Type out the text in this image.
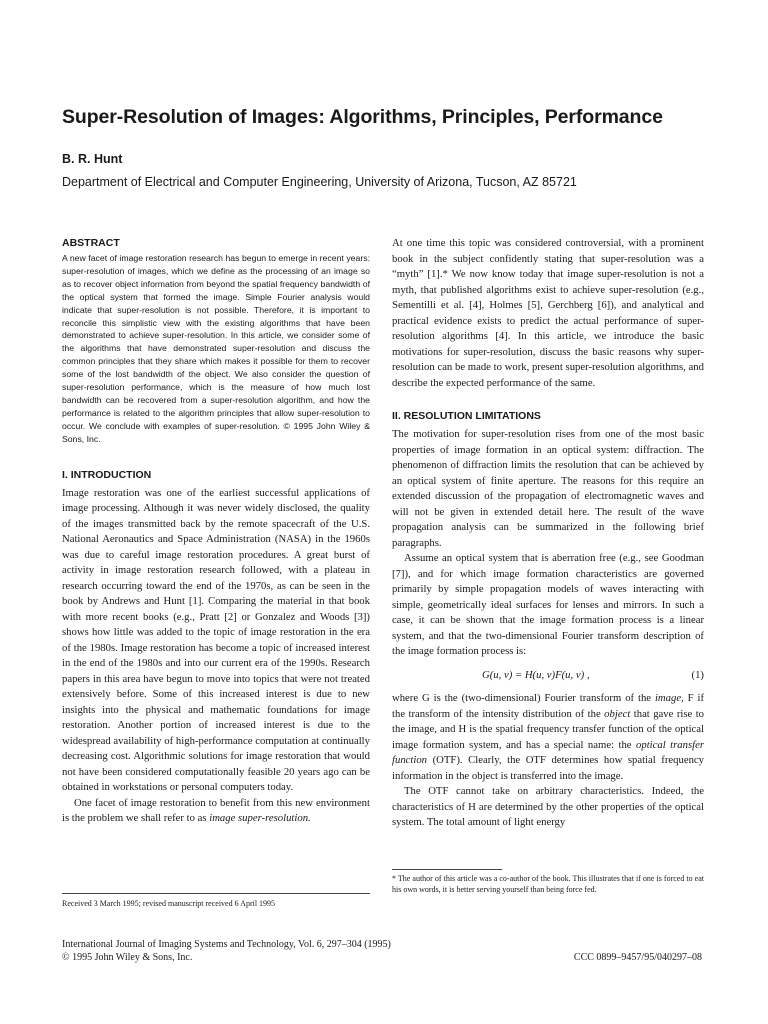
Super-Resolution of Images: Algorithms, Principles, Performance
B. R. Hunt
Department of Electrical and Computer Engineering, University of Arizona, Tucson, AZ 85721
ABSTRACT

A new facet of image restoration research has begun to emerge in recent years: super-resolution of images, which we define as the processing of an image so as to recover object information from beyond the spatial frequency bandwidth of the optical system that formed the image. Simple Fourier analysis would indicate that super-resolution is not possible. Therefore, it is important to reconcile this simplistic view with the existing algorithms that have been demonstrated to achieve super-resolution. In this article, we consider some of the algorithms that have demonstrated super-resolution and discuss the common principles that they share which makes it possible for them to recover some of the lost bandwidth of the object. We also consider the question of super-resolution performance, which is the measure of how much lost bandwidth can be recovered from a super-resolution algorithm, and how the performance is related to the algorithm principles that allow super-resolution to occur. We conclude with examples of super-resolution. © 1995 John Wiley & Sons, Inc.

I. INTRODUCTION

Image restoration was one of the earliest successful applications of image processing. Although it was never widely disclosed, the quality of the images transmitted back by the remote spacecraft of the U.S. National Aeronautics and Space Administration (NASA) in the 1960s was due to careful image restoration procedures. A great burst of activity in image restoration research followed, with a plateau in research occurring toward the end of the 1970s, as can be seen in the book by Andrews and Hunt [1]. Comparing the material in that book with more recent books (e.g., Pratt [2] or Gonzalez and Woods [3]) shows how little was added to the topic of image restoration in the era of the 1980s. Image restoration has become a topic of increased interest in the end of the 1980s and into our current era of the 1990s. Research papers in this area have begun to move into topics that were not treated extensively before. Some of this increased interest is due to new insights into the physical and mathematic foundations for image restoration. Another portion of increased interest is due to the widespread availability of high-performance computation at continually decreasing cost. Algorithmic solutions for image restoration that would not have been considered computationally feasible 20 years ago can be obtained in workstations or personal computers today.

One facet of image restoration to benefit from this new environment is the problem we shall refer to as image super-resolution.

Received 3 March 1995; revised manuscript received 6 April 1995

At one time this topic was considered controversial, with a prominent book in the subject confidently stating that super-resolution was a “myth” [1].* We now know today that image super-resolution is not a myth, that published algorithms exist to achieve super-resolution (e.g., Sementilli et al. [4], Holmes [5], Gerchberg [6]), and analytical and practical evidence exists to predict the actual performance of super-resolution algorithms [4]. In this article, we introduce the basic motivations for super-resolution, discuss the basic reasons why super-resolution can be made to work, present super-resolution algorithms, and describe the expected performance of the same.

II. RESOLUTION LIMITATIONS

The motivation for super-resolution rises from one of the most basic properties of image formation in an optical system: diffraction. The phenomenon of diffraction limits the resolution that can be achieved by an optical system of finite aperture. The reasons for this require an extended discussion of the propagation of electromagnetic waves and will not be given in extended detail here. The result of the wave propagation analysis can be summarized in the following brief paragraphs.

Assume an optical system that is aberration free (e.g., see Goodman [7]), and for which image formation characteristics are governed primarily by simple propagation models of waves interacting with simple, geometrically ideal surfaces for lenses and mirrors. In such a case, it can be shown that the image formation process is a linear system, and that the two-dimensional Fourier transform description of the image formation process is:

G(u, v) = H(u, v)F(u, v) ,	(1)

where G is the (two-dimensional) Fourier transform of the image, F if the transform of the intensity distribution of the object that gave rise to the image, and H is the spatial frequency transfer function of the optical image formation system, and has a special name: the optical transfer function (OTF). Clearly, the OTF determines how spatial frequency information in the object is transferred into the image.

The OTF cannot take on arbitrary characteristics. Indeed, the characteristics of H are determined by the other properties of the optical system. The total amount of light energy

* The author of this article was a co-author of the book. This illustrates that if one is forced to eat his own words, it is better serving yourself than being force fed.

International Journal of Imaging Systems and Technology, Vol. 6, 297–304 (1995)
© 1995 John Wiley & Sons, Inc.	CCC 0899–9457/95/040297–08
